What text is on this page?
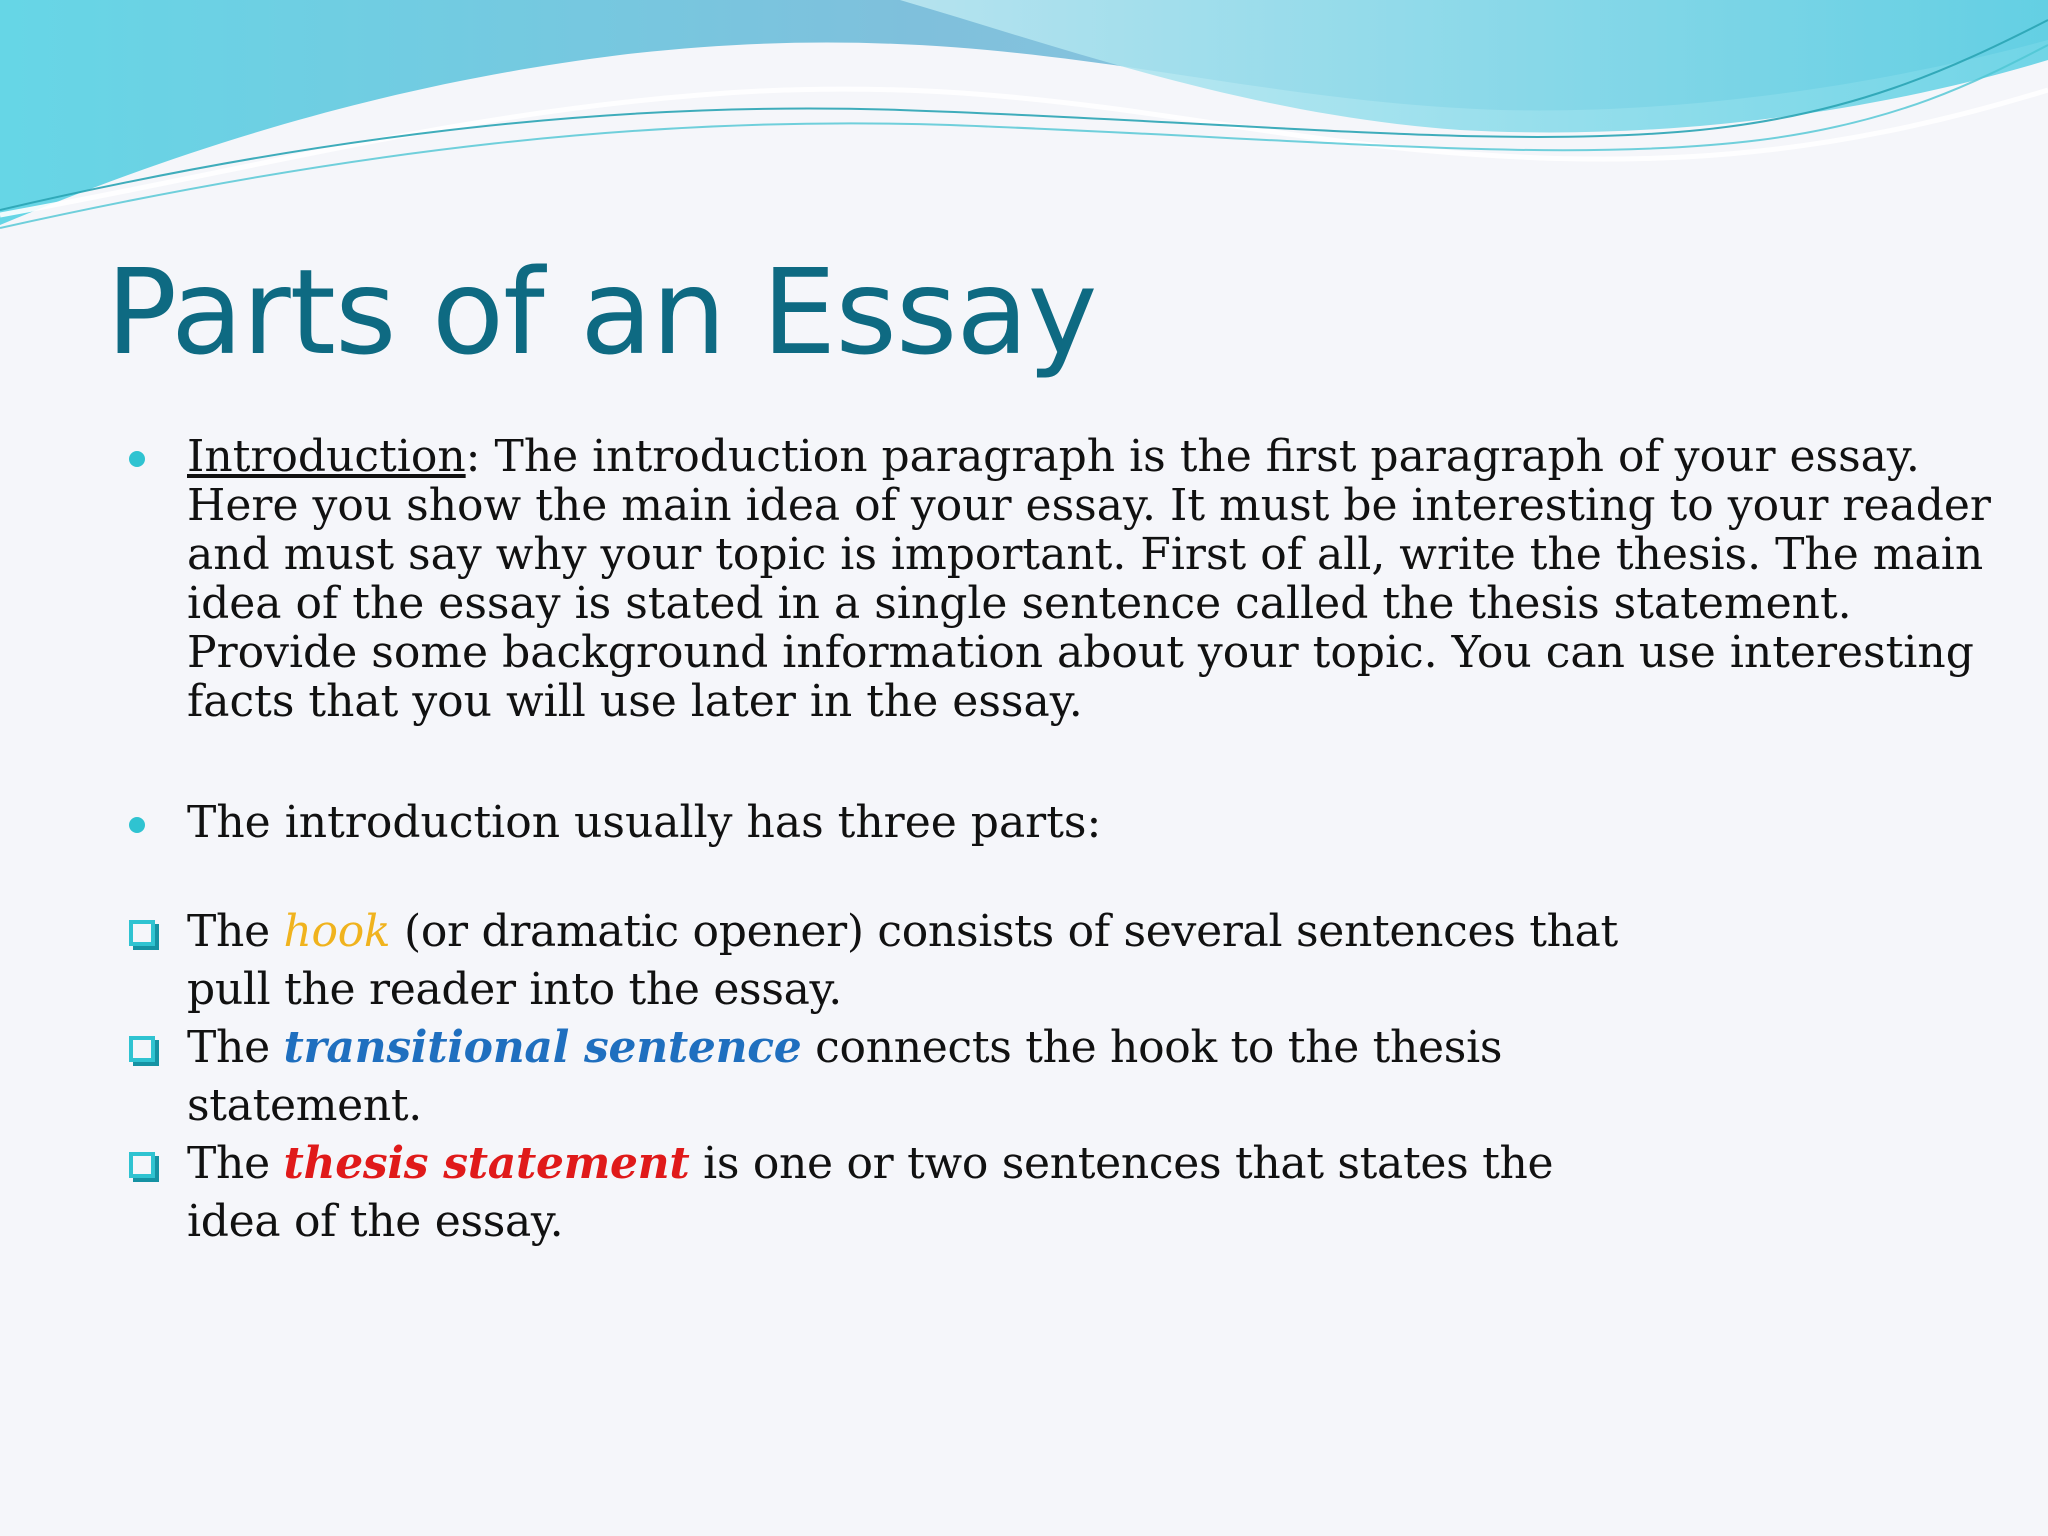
Parts of an Essay
Introduction: The introduction paragraph is the first paragraph of your essay. Here you show the main idea of your essay. It must be interesting to your reader and must say why your topic is important. First of all, write the thesis. The main idea of the essay is stated in a single sentence called the thesis statement. Provide some background information about your topic. You can use interesting facts that you will use later in the essay.
The introduction usually has three parts:
The hook (or dramatic opener) consists of several sentences that pull the reader into the essay.
The transitional sentence connects the hook to the thesis statement.
The thesis statement is one or two sentences that states the idea of the essay.
